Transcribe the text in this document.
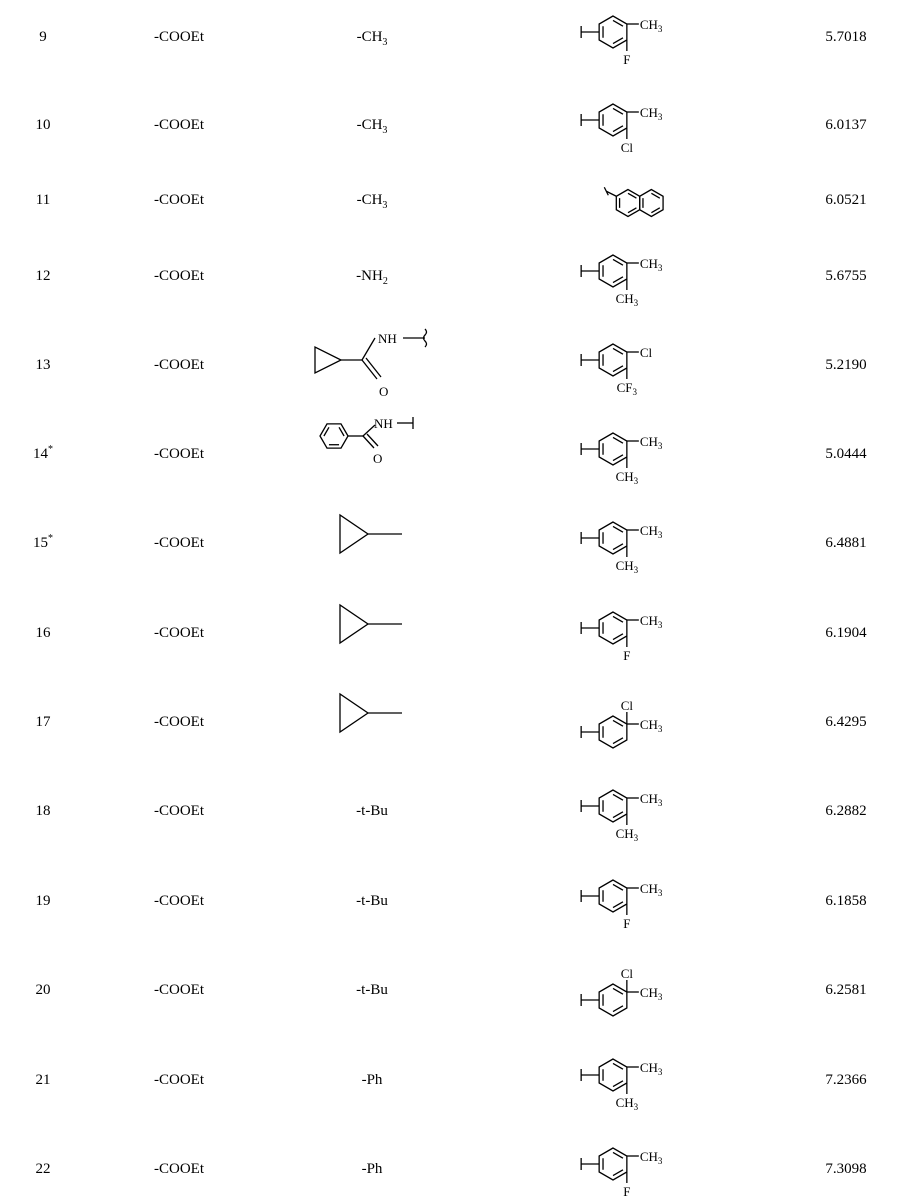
9	-COOEt	$-CH_3$	5.7018
$CH_3$
F
10	-COOEt	$-CH_3$	6.0137
$CH_3$
Cl
11	-COOEt	$-CH_3$	6.0521
12	-COOEt	$-NH_2$	5.6755
$CH_3$
$CH_3$
13	-COOEt	5.2190
NH
O
Cl
$CF_3$
14*	-COOEt	5.0444
NH
O
$CH_3$
$CH_3$
15*	-COOEt	6.4881
$CH_3$
$CH_3$
16	-COOEt	6.1904
$CH_3$
F
17	-COOEt	6.4295
$CH_3$
Cl
18	-COOEt	-t-Bu	6.2882
$CH_3$
$CH_3$
19	-COOEt	-t-Bu	6.1858
$CH_3$
F
20	-COOEt	-t-Bu	6.2581
$CH_3$
Cl
21	-COOEt	-Ph	7.2366
$CH_3$
$CH_3$
22	-COOEt	-Ph	7.3098
$CH_3$
F
